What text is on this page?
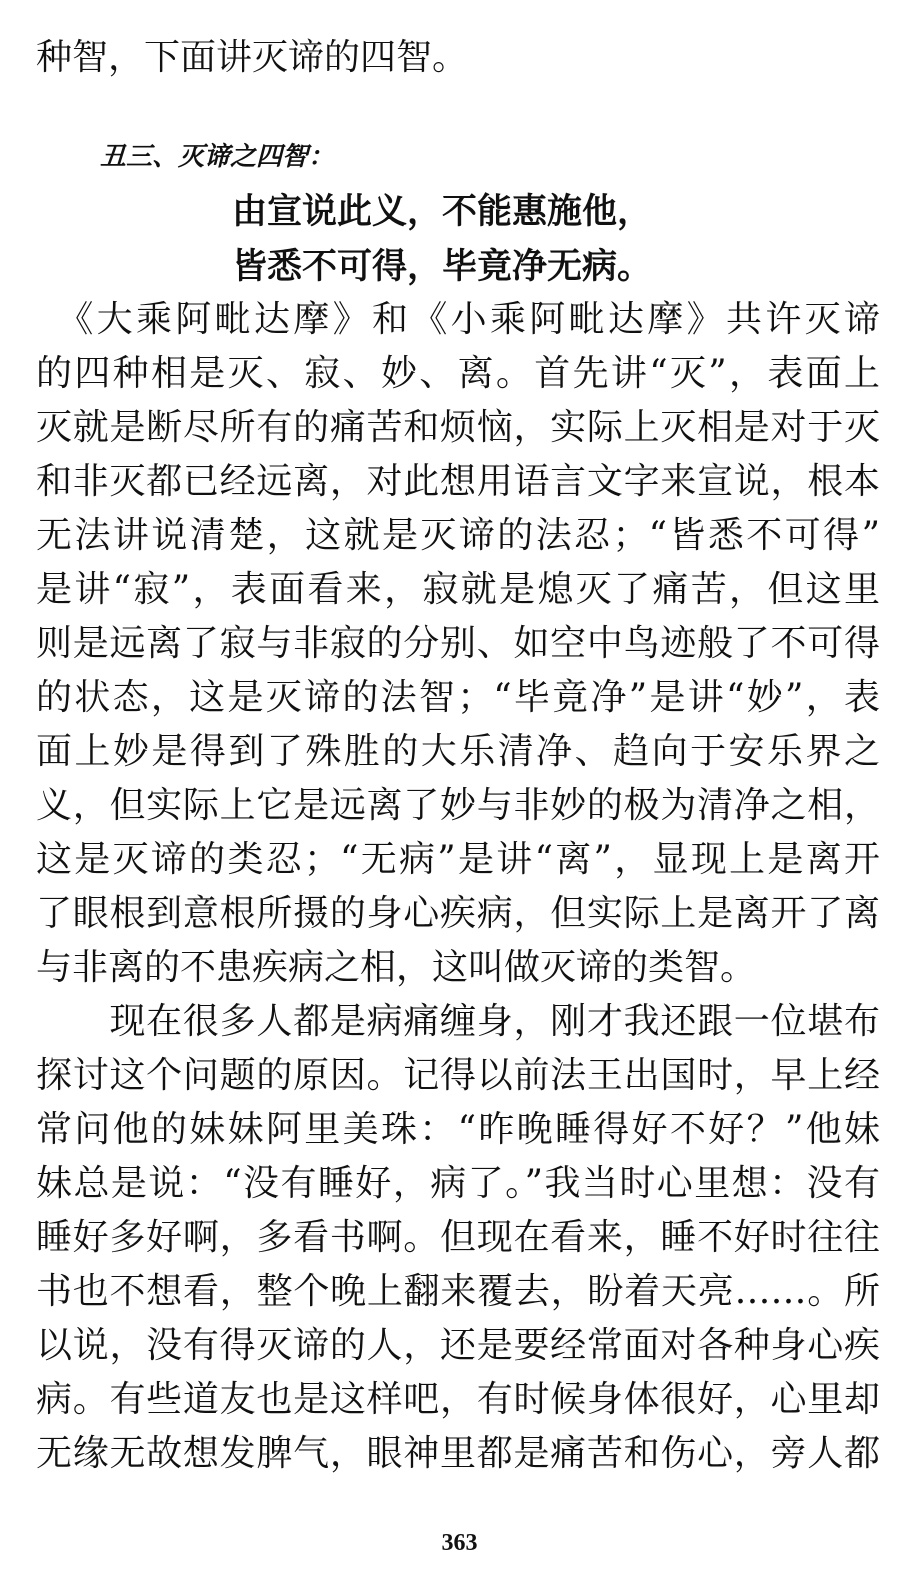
种智，下面讲灭谛的四智。
丑三、灭谛之四智：
由宣说此义，不能惠施他，
皆悉不可得，毕竟净无病。
　《大乘阿毗达摩》和《小乘阿毗达摩》共许灭谛
的四种相是灭、寂、妙、离。首先讲“灭”，表面上
灭就是断尽所有的痛苦和烦恼，实际上灭相是对于灭
和非灭都已经远离，对此想用语言文字来宣说，根本
无法讲说清楚，这就是灭谛的法忍；“皆悉不可得”
是讲“寂”，表面看来，寂就是熄灭了痛苦，但这里
则是远离了寂与非寂的分别、如空中鸟迹般了不可得
的状态，这是灭谛的法智；“毕竟净”是讲“妙”，表
面上妙是得到了殊胜的大乐清净、趋向于安乐界之
义，但实际上它是远离了妙与非妙的极为清净之相，
这是灭谛的类忍；“无病”是讲“离”，显现上是离开
了眼根到意根所摄的身心疾病，但实际上是离开了离
与非离的不患疾病之相，这叫做灭谛的类智。
　　现在很多人都是病痛缠身，刚才我还跟一位堪布
探讨这个问题的原因。记得以前法王出国时，早上经
常问他的妹妹阿里美珠：“昨晚睡得好不好？”他妹
妹总是说：“没有睡好，病了。”我当时心里想：没有
睡好多好啊，多看书啊。但现在看来，睡不好时往往
书也不想看，整个晚上翻来覆去，盼着天亮……。所
以说，没有得灭谛的人，还是要经常面对各种身心疾
病。有些道友也是这样吧，有时候身体很好，心里却
无缘无故想发脾气，眼神里都是痛苦和伤心，旁人都
363
